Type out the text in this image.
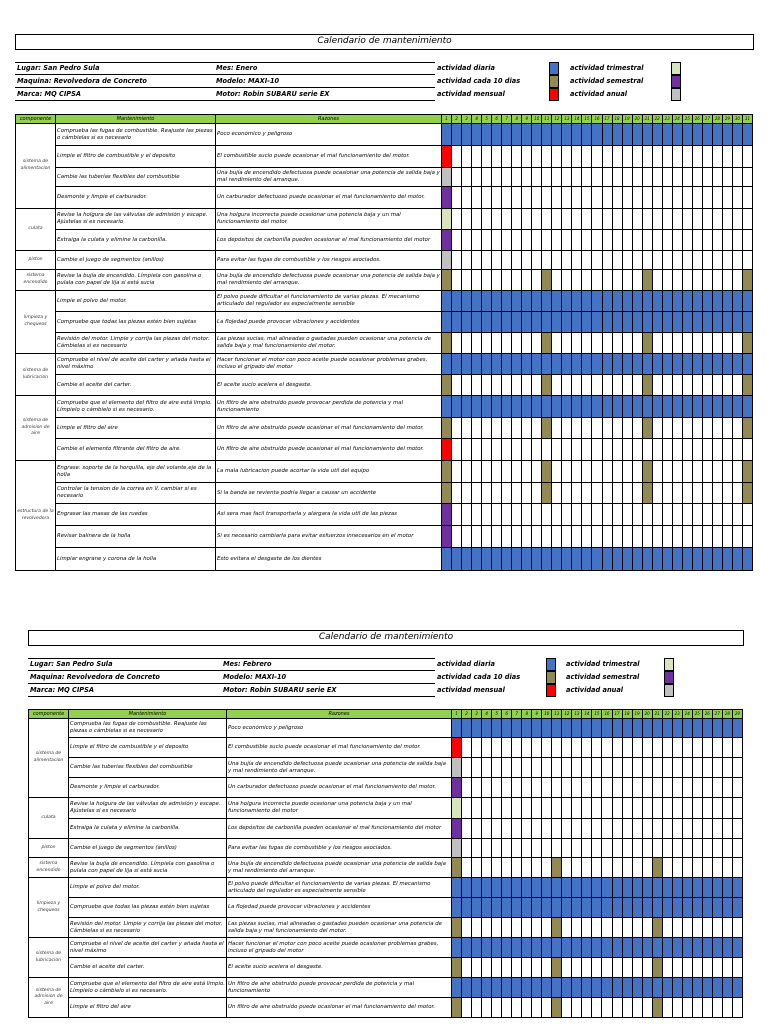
Calendario de mantenimiento
Lugar: San Pedro Sula	Mes: Enero	actividad diaria	actividad trimestral
Maquina: Revolvedora de Concreto	Modelo: MAXI-10	actividad cada 10 dias	actividad semestral
Marca: MQ CIPSA	Motor: Robin SUBARU serie EX	actividad mensual	actividad anual
componente	Mantenimiento	Razones	1	2	3	4	5	6	7	8	9	10	11	12	13	14	15	16	17	18	19	20	21	22	23	24	25	26	27	28	29	30	31
sistema de alimentacion	Comprueba las fugas de combustible. Reajuste las piezas o cámbielas si es necesario	Poco económico y peligroso																															
	Limpie el filtro de combustible y el deposito	El combustible sucio puede ocasionar el mal funcionamiento del motor.																															
	Cambie las tuberías flexibles del combustible	Una bujía de encendido defectuosa puede ocasionar una potencia de salida baja y mal rendimiento del arranque.																															
	Desmonte y limpie el carburador.	Un carburador defectuoso puede ocasionar el mal funcionamiento del motor.																															
culata	Revise la holgura de las válvulas de admisión y escape. Ajústelas si es necesario	Una holgura incorrecta puede ocasionar una potencia baja y un mal funcionamiento del motor																															
	Extraiga la culata y elimine la carbonilla.	Los depósitos de carbonilla pueden ocasionar el mal funcionamiento del motor																															
piston	Cambie el juego de segmentos (anillos)	Para evitar las fugas de combustible y los riesgos asociados.																															
sistema encendido	Revise la bujía de encendido. Límpiela con gasolina o pulala con papel de lija si está sucia	Una bujía de encendido defectuosa puede ocasionar una potencia de salida baja y mal rendimiento del arranque.																															
limpieza y chequeos	Limpie el polvo del motor.	El polvo puede dificultar el funcionamiento de varias piezas. El mecanismo articulado del regulador es especialmente sensible																															
	Compruebe que todas las piezas estén bien sujetas	La flojedad puede provocar vibraciones y accidentes																															
	Revisión del motor. Limpie y corrija las piezas del motor. Cámbielas si es necesario	Las piezas sucias, mal alineadas o gastadas pueden ocasionar una potencia de salida baja y mal funcionamiento del motor.																															
sistema de lubricacion	Compruebe el nivel de aceite del carter y añada hasta el nivel máximo	Hacer funcionar el motor con poco aceite puede ocasionar problemas grabes, incluso el gripado del motor																															
	Cambie el aceite del carter.	El aceite sucio acelera el desgaste.																															
sistema de admision de aire	Compruebe que el elemento del filtro de aire está limpio. Límpielo o cámbielo si es necesario.	Un filtro de aire obstruido puede provocar perdida de potencia y mal funcionamiento																															
	Limpie el filtro del aire	Un filtro de aire obstruido puede ocasionar el mal funcionamiento del motor.																															
	Cambie el elemento filtrante del filtro de aire.	Un filtro de aire obstruido puede ocasionar el mal funcionamiento del motor.																															
estructura de la revolvedora	Engrase: soporte de la horquilla, eje del volante,eje de la holla	La mala lubricacion puede acortar la vida util del equipo																															
	Controlar la tension de la correa en V, cambiar si es necesario	Si la banda se revienta podria llegar a causar un accidente																															
	Engrasar las masas de las ruedas	Asi sera mas facil transportarla y alargara la vida util de las piezas																															
	Revisar balinera de la holla	Si es necesario cambiarla para evitar esfuerzos innecesarios en el motor																															
	Limpiar engrane y corona de la holla	Esto evitara el desgaste de los dientes																															
Calendario de mantenimiento
Lugar: San Pedro Sula	Mes: Febrero	actividad diaria	actividad trimestral
Maquina: Revolvedora de Concreto	Modelo: MAXI-10	actividad cada 10 dias	actividad semestral
Marca: MQ CIPSA	Motor: Robin SUBARU serie EX	actividad mensual	actividad anual
componente	Mantenimiento	Razones	1	2	3	4	5	6	7	8	9	10	11	12	13	14	15	16	17	18	19	20	21	22	23	24	25	26	27	28	29
sistema de alimentacion	Comprueba las fugas de combustible. Reajuste las piezas o cámbielas si es necesario	Poco económico y peligroso																													
	Limpie el filtro de combustible y el deposito	El combustible sucio puede ocasionar el mal funcionamiento del motor.																													
	Cambie las tuberías flexibles del combustible	Una bujía de encendido defectuosa puede ocasionar una potencia de salida baja y mal rendimiento del arranque.																													
	Desmonte y limpie el carburador.	Un carburador defectuoso puede ocasionar el mal funcionamiento del motor.																													
culata	Revise la holgura de las válvulas de admisión y escape. Ajústelas si es necesario	Una holgura incorrecta puede ocasionar una potencia baja y un mal funcionamiento del motor																													
	Extraiga la culata y elimine la carbonilla.	Los depósitos de carbonilla pueden ocasionar el mal funcionamiento del motor																													
piston	Cambie el juego de segmentos (anillos)	Para evitar las fugas de combustible y los riesgos asociados.																													
sistema encendido	Revise la bujía de encendido. Límpiela con gasolina o pulala con papel de lija si está sucia	Una bujía de encendido defectuosa puede ocasionar una potencia de salida baja y mal rendimiento del arranque.																													
limpieza y chequeos	Limpie el polvo del motor.	El polvo puede dificultar el funcionamiento de varias piezas. El mecanismo articulado del regulador es especialmente sensible																													
	Compruebe que todas las piezas estén bien sujetas	La flojedad puede provocar vibraciones y accidentes																													
	Revisión del motor. Limpie y corrija las piezas del motor. Cámbielas si es necesario	Las piezas sucias, mal alineadas o gastadas pueden ocasionar una potencia de salida baja y mal funcionamiento del motor.																													
sistema de lubricacion	Compruebe el nivel de aceite del carter y añada hasta el nivel máximo	Hacer funcionar el motor con poco aceite puede ocasionar problemas grabes, incluso el gripado del motor																													
	Cambie el aceite del carter.	El aceite sucio acelera el desgaste.																													
sistema de admision de aire	Compruebe que el elemento del filtro de aire está limpio. Límpielo o cámbielo si es necesario.	Un filtro de aire obstruido puede provocar perdida de potencia y mal funcionamiento																													
	Limpie el filtro del aire	Un filtro de aire obstruido puede ocasionar el mal funcionamiento del motor.																													
